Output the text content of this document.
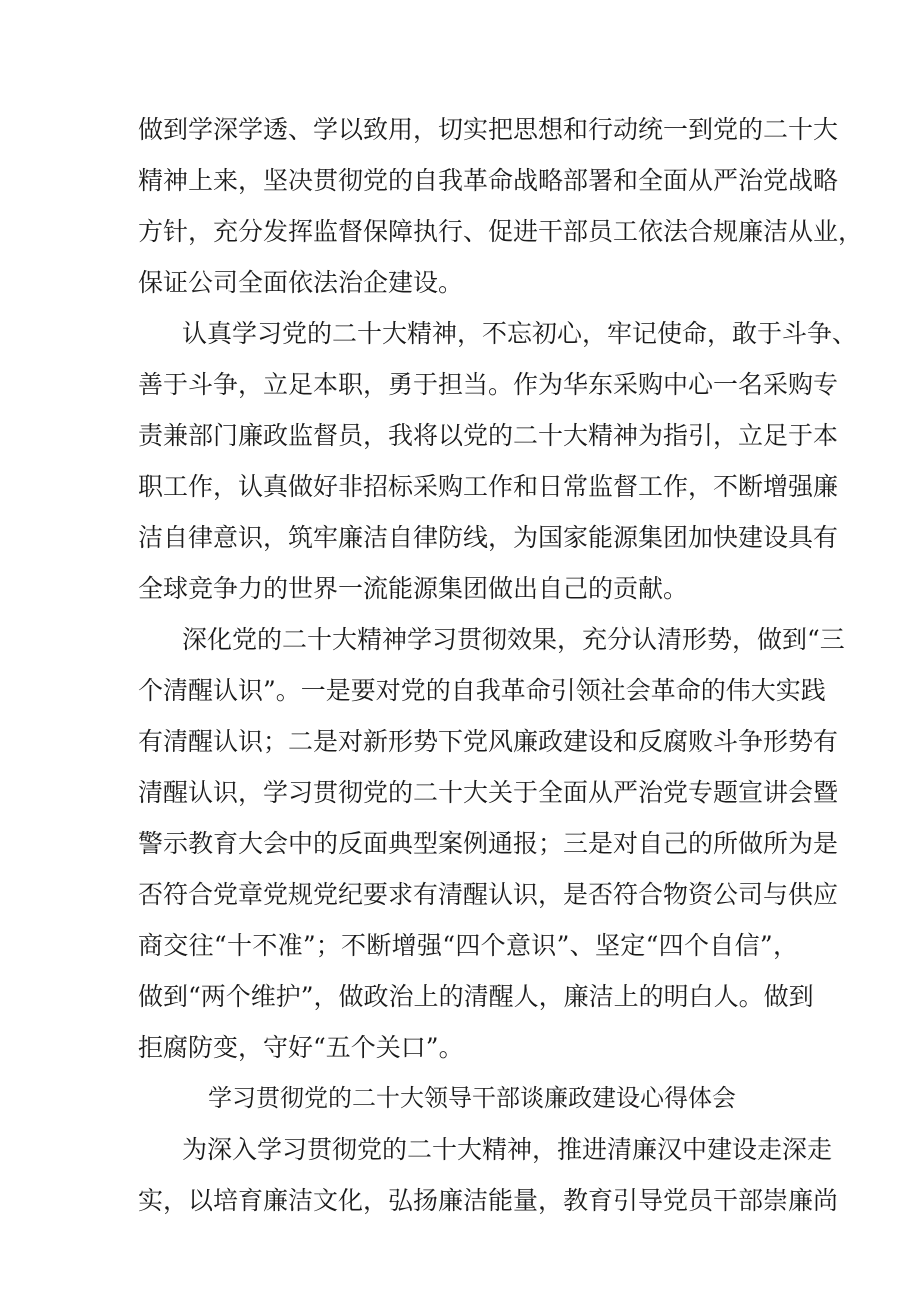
做到学深学透、学以致用，切实把思想和行动统一到党的二十大
精神上来，坚决贯彻党的自我革命战略部署和全面从严治党战略
方针，充分发挥监督保障执行、促进干部员工依法合规廉洁从业，
保证公司全面依法治企建设。
认真学习党的二十大精神，不忘初心，牢记使命，敢于斗争、
善于斗争，立足本职，勇于担当。作为华东采购中心一名采购专
责兼部门廉政监督员，我将以党的二十大精神为指引，立足于本
职工作，认真做好非招标采购工作和日常监督工作，不断增强廉
洁自律意识，筑牢廉洁自律防线，为国家能源集团加快建设具有
全球竞争力的世界一流能源集团做出自己的贡献。
深化党的二十大精神学习贯彻效果，充分认清形势，做到“三
个清醒认识”。一是要对党的自我革命引领社会革命的伟大实践
有清醒认识；二是对新形势下党风廉政建设和反腐败斗争形势有
清醒认识，学习贯彻党的二十大关于全面从严治党专题宣讲会暨
警示教育大会中的反面典型案例通报；三是对自己的所做所为是
否符合党章党规党纪要求有清醒认识，是否符合物资公司与供应
商交往“十不准”；不断增强“四个意识”、坚定“四个自信”，
做到“两个维护”，做政治上的清醒人，廉洁上的明白人。做到
拒腐防变，守好“五个关口”。
学习贯彻党的二十大领导干部谈廉政建设心得体会
为深入学习贯彻党的二十大精神，推进清廉汉中建设走深走
实，以培育廉洁文化，弘扬廉洁能量，教育引导党员干部崇廉尚
